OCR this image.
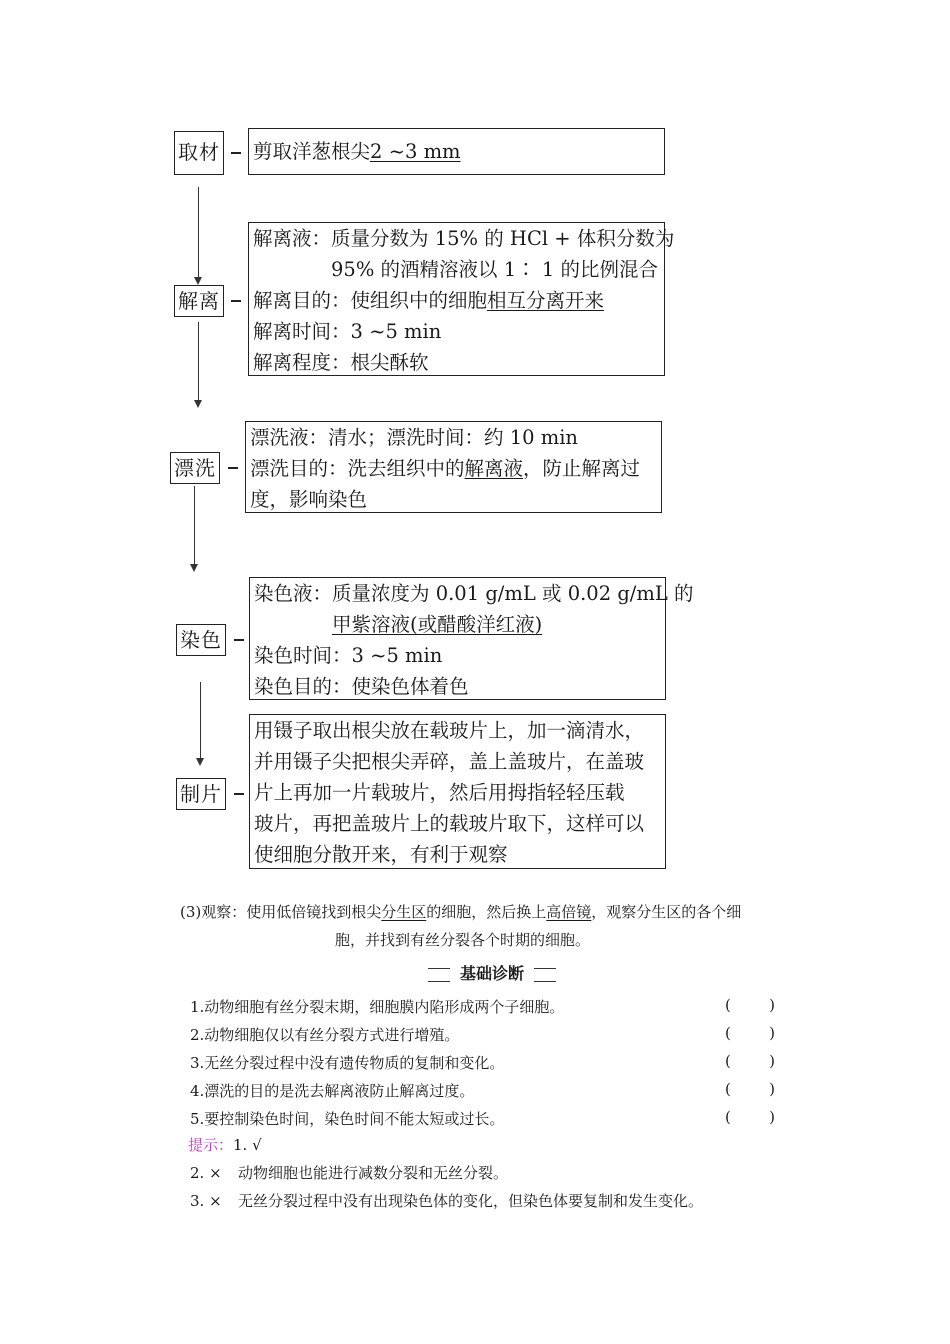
取材 剪取洋葱根尖2 ~3 mm

解离

解离液：质量分数为 15% 的 HCl + 体积分数为

　　　　95% 的酒精溶液以 1∶ 1 的比例混合

解离目的：使组织中的细胞相互分离开来

解离时间：3 ~5 min

解离程度：根尖酥软

漂洗

漂洗液：清水；漂洗时间：约 10 min

漂洗目的：洗去组织中的解离液，防止解离过

度，影响染色

染色

染色液：质量浓度为 0.01 g/mL 或 0.02 g/mL 的

　　　　甲紫溶液(或醋酸洋红液)

染色时间：3 ~5 min

染色目的：使染色体着色

制片

用镊子取出根尖放在载玻片上，加一滴清水，

并用镊子尖把根尖弄碎，盖上盖玻片，在盖玻

片上再加一片载玻片，然后用拇指轻轻压载

玻片，再把盖玻片上的载玻片取下，这样可以

使细胞分散开来，有利于观察

(3)观察：使用低倍镜找到根尖分生区的细胞，然后换上高倍镜，观察分生区的各个细
胞，并找到有丝分裂各个时期的细胞。
基础诊断
1.动物细胞有丝分裂末期，细胞膜内陷形成两个子细胞。	(	)
2.动物细胞仅以有丝分裂方式进行增殖。	(	)
3.无丝分裂过程中没有遗传物质的复制和变化。	(	)
4.漂洗的目的是洗去解离液防止解离过度。	(	)
5.要控制染色时间，染色时间不能太短或过长。	(	)
提示：1. √
2. × 动物细胞也能进行减数分裂和无丝分裂。
3. × 无丝分裂过程中没有出现染色体的变化，但染色体要复制和发生变化。
